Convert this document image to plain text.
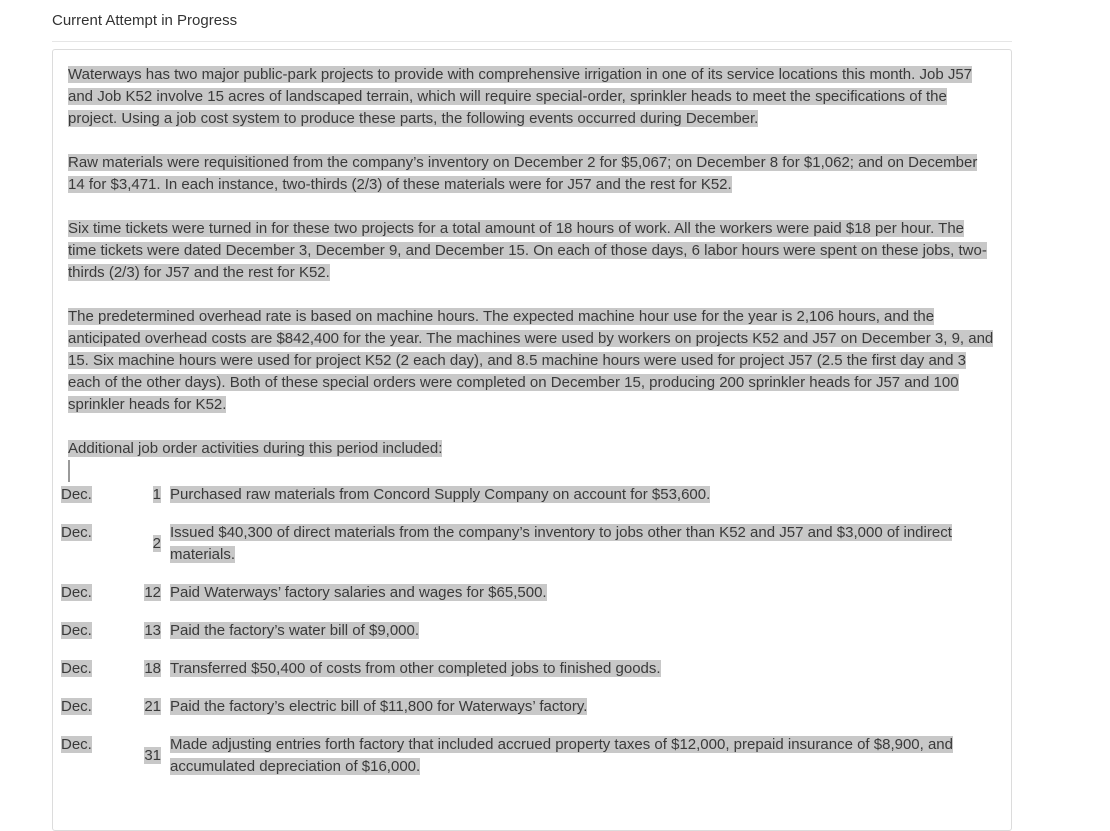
Current Attempt in Progress

Waterways has two major public-park projects to provide with comprehensive irrigation in one of its service locations this month. Job J57 and Job K52 involve 15 acres of landscaped terrain, which will require special-order, sprinkler heads to meet the specifications of the project. Using a job cost system to produce these parts, the following events occurred during December.

Raw materials were requisitioned from the company’s inventory on December 2 for $5,067; on December 8 for $1,062; and on December 14 for $3,471. In each instance, two-thirds (2/3) of these materials were for J57 and the rest for K52.

Six time tickets were turned in for these two projects for a total amount of 18 hours of work. All the workers were paid $18 per hour. The time tickets were dated December 3, December 9, and December 15. On each of those days, 6 labor hours were spent on these jobs, two-thirds (2/3) for J57 and the rest for K52.

The predetermined overhead rate is based on machine hours. The expected machine hour use for the year is 2,106 hours, and the anticipated overhead costs are $842,400 for the year. The machines were used by workers on projects K52 and J57 on December 3, 9, and 15. Six machine hours were used for project K52 (2 each day), and 8.5 machine hours were used for project J57 (2.5 the first day and 3 each of the other days). Both of these special orders were completed on December 15, producing 200 sprinkler heads for J57 and 100 sprinkler heads for K52.

Additional job order activities during this period included:

Dec.	1	Purchased raw materials from Concord Supply Company on account for $53,600.
Dec.	2	Issued $40,300 of direct materials from the company’s inventory to jobs other than K52 and J57 and $3,000 of indirect materials.
Dec.	12	Paid Waterways’ factory salaries and wages for $65,500.
Dec.	13	Paid the factory’s water bill of $9,000.
Dec.	18	Transferred $50,400 of costs from other completed jobs to finished goods.
Dec.	21	Paid the factory’s electric bill of $11,800 for Waterways’ factory.
Dec.	31	Made adjusting entries forth factory that included accrued property taxes of $12,000, prepaid insurance of $8,900, and accumulated depreciation of $16,000.
